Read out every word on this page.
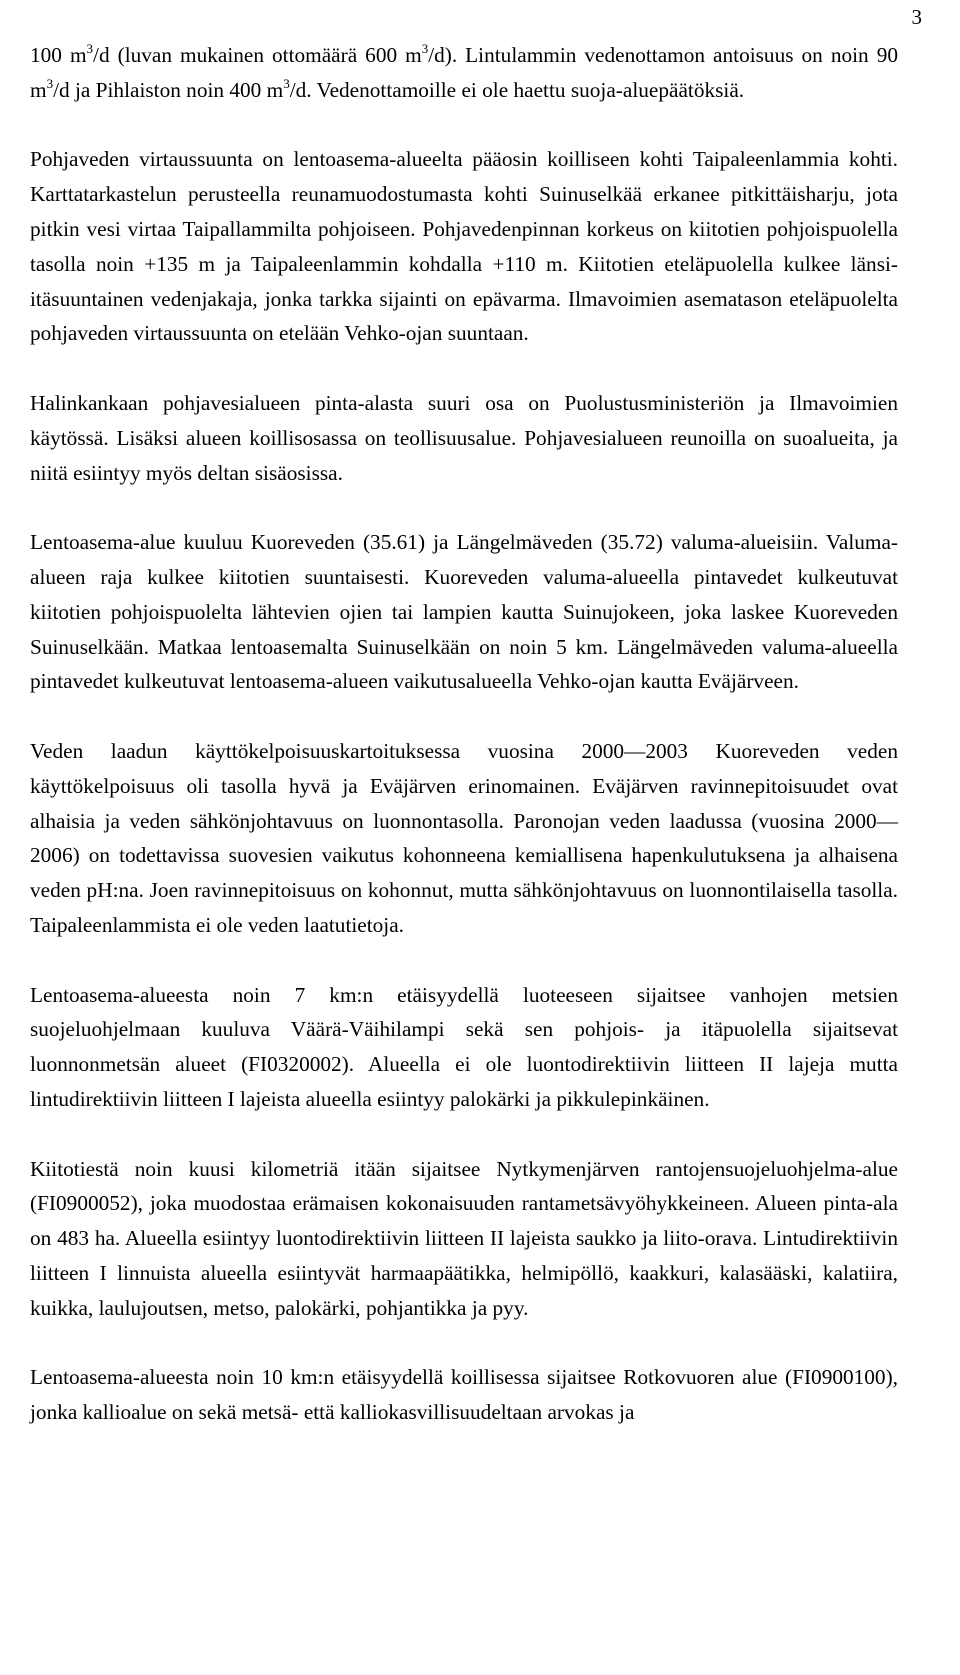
3

100 $m^3/d$ (luvan mukainen ottomäärä 600 $m^3/d$). Lintulammin vedenottamon antoisuus on noin 90 $m^3/d$ ja Pihlaiston noin 400 $m^3/d$. Vedenottamoille ei ole haettu suoja-aluepäätöksiä.

Pohjaveden virtaussuunta on lentoasema-alueelta pääosin koilliseen kohti Taipaleenlammia kohti. Karttatarkastelun perusteella reunamuodostumasta kohti Suinuselkää erkanee pitkittäisharju, jota pitkin vesi virtaa Taipallammilta pohjoiseen. Pohjavedenpinnan korkeus on kiitotien pohjoispuolella tasolla noin +135 m ja Taipaleenlammin kohdalla +110 m. Kiitotien eteläpuolella kulkee länsi-itäsuuntainen vedenjakaja, jonka tarkka sijainti on epävarma. Ilmavoimien asematason eteläpuolelta pohjaveden virtaussuunta on etelään Vehko-ojan suuntaan.

Halinkankaan pohjavesialueen pinta-alasta suuri osa on Puolustusministeriön ja Ilmavoimien käytössä. Lisäksi alueen koillisosassa on teollisuusalue. Pohjavesialueen reunoilla on suoalueita, ja niitä esiintyy myös deltan sisäosissa.

Lentoasema-alue kuuluu Kuoreveden (35.61) ja Längelmäveden (35.72) valuma-alueisiin. Valuma-alueen raja kulkee kiitotien suuntaisesti. Kuoreveden valuma-alueella pintavedet kulkeutuvat kiitotien pohjoispuolelta lähtevien ojien tai lampien kautta Suinujokeen, joka laskee Kuoreveden Suinuselkään. Matkaa lentoasemalta Suinuselkään on noin 5 km. Längelmäveden valuma-alueella pintavedet kulkeutuvat lentoasema-alueen vaikutusalueella Vehko-ojan kautta Eväjärveen.

Veden laadun käyttökelpoisuuskartoituksessa vuosina 2000—2003 Kuoreveden veden käyttökelpoisuus oli tasolla hyvä ja Eväjärven erinomainen. Eväjärven ravinnepitoisuudet ovat alhaisia ja veden sähkönjohtavuus on luonnontasolla. Paronojan veden laadussa (vuosina 2000—2006) on todettavissa suovesien vaikutus kohonneena kemiallisena hapenkulutuksena ja alhaisena veden pH:na. Joen ravinnepitoisuus on kohonnut, mutta sähkönjohtavuus on luonnontilaisella tasolla. Taipaleenlammista ei ole veden laatutietoja.

Lentoasema-alueesta noin 7 km:n etäisyydellä luoteeseen sijaitsee vanhojen metsien suojeluohjelmaan kuuluva Väärä-Väihilampi sekä sen pohjois- ja itäpuolella sijaitsevat luonnonmetsän alueet (FI0320002). Alueella ei ole luontodirektiivin liitteen II lajeja mutta lintudirektiivin liitteen I lajeista alueella esiintyy palokärki ja pikkulepinkäinen.

Kiitotiestä noin kuusi kilometriä itään sijaitsee Nytkymenjärven rantojensuojeluohjelma-alue (FI0900052), joka muodostaa erämaisen kokonaisuuden rantametsävyöhykkeineen. Alueen pinta-ala on 483 ha. Alueella esiintyy luontodirektiivin liitteen II lajeista saukko ja liito-orava. Lintudirektiivin liitteen I linnuista alueella esiintyvät harmaapäätikka, helmipöllö, kaakkuri, kalasääski, kalatiira, kuikka, laulujoutsen, metso, palokärki, pohjantikka ja pyy.

Lentoasema-alueesta noin 10 km:n etäisyydellä koillisessa sijaitsee Rotkovuoren alue (FI0900100), jonka kallioalue on sekä metsä- että kalliokasvillisuudeltaan arvokas ja
